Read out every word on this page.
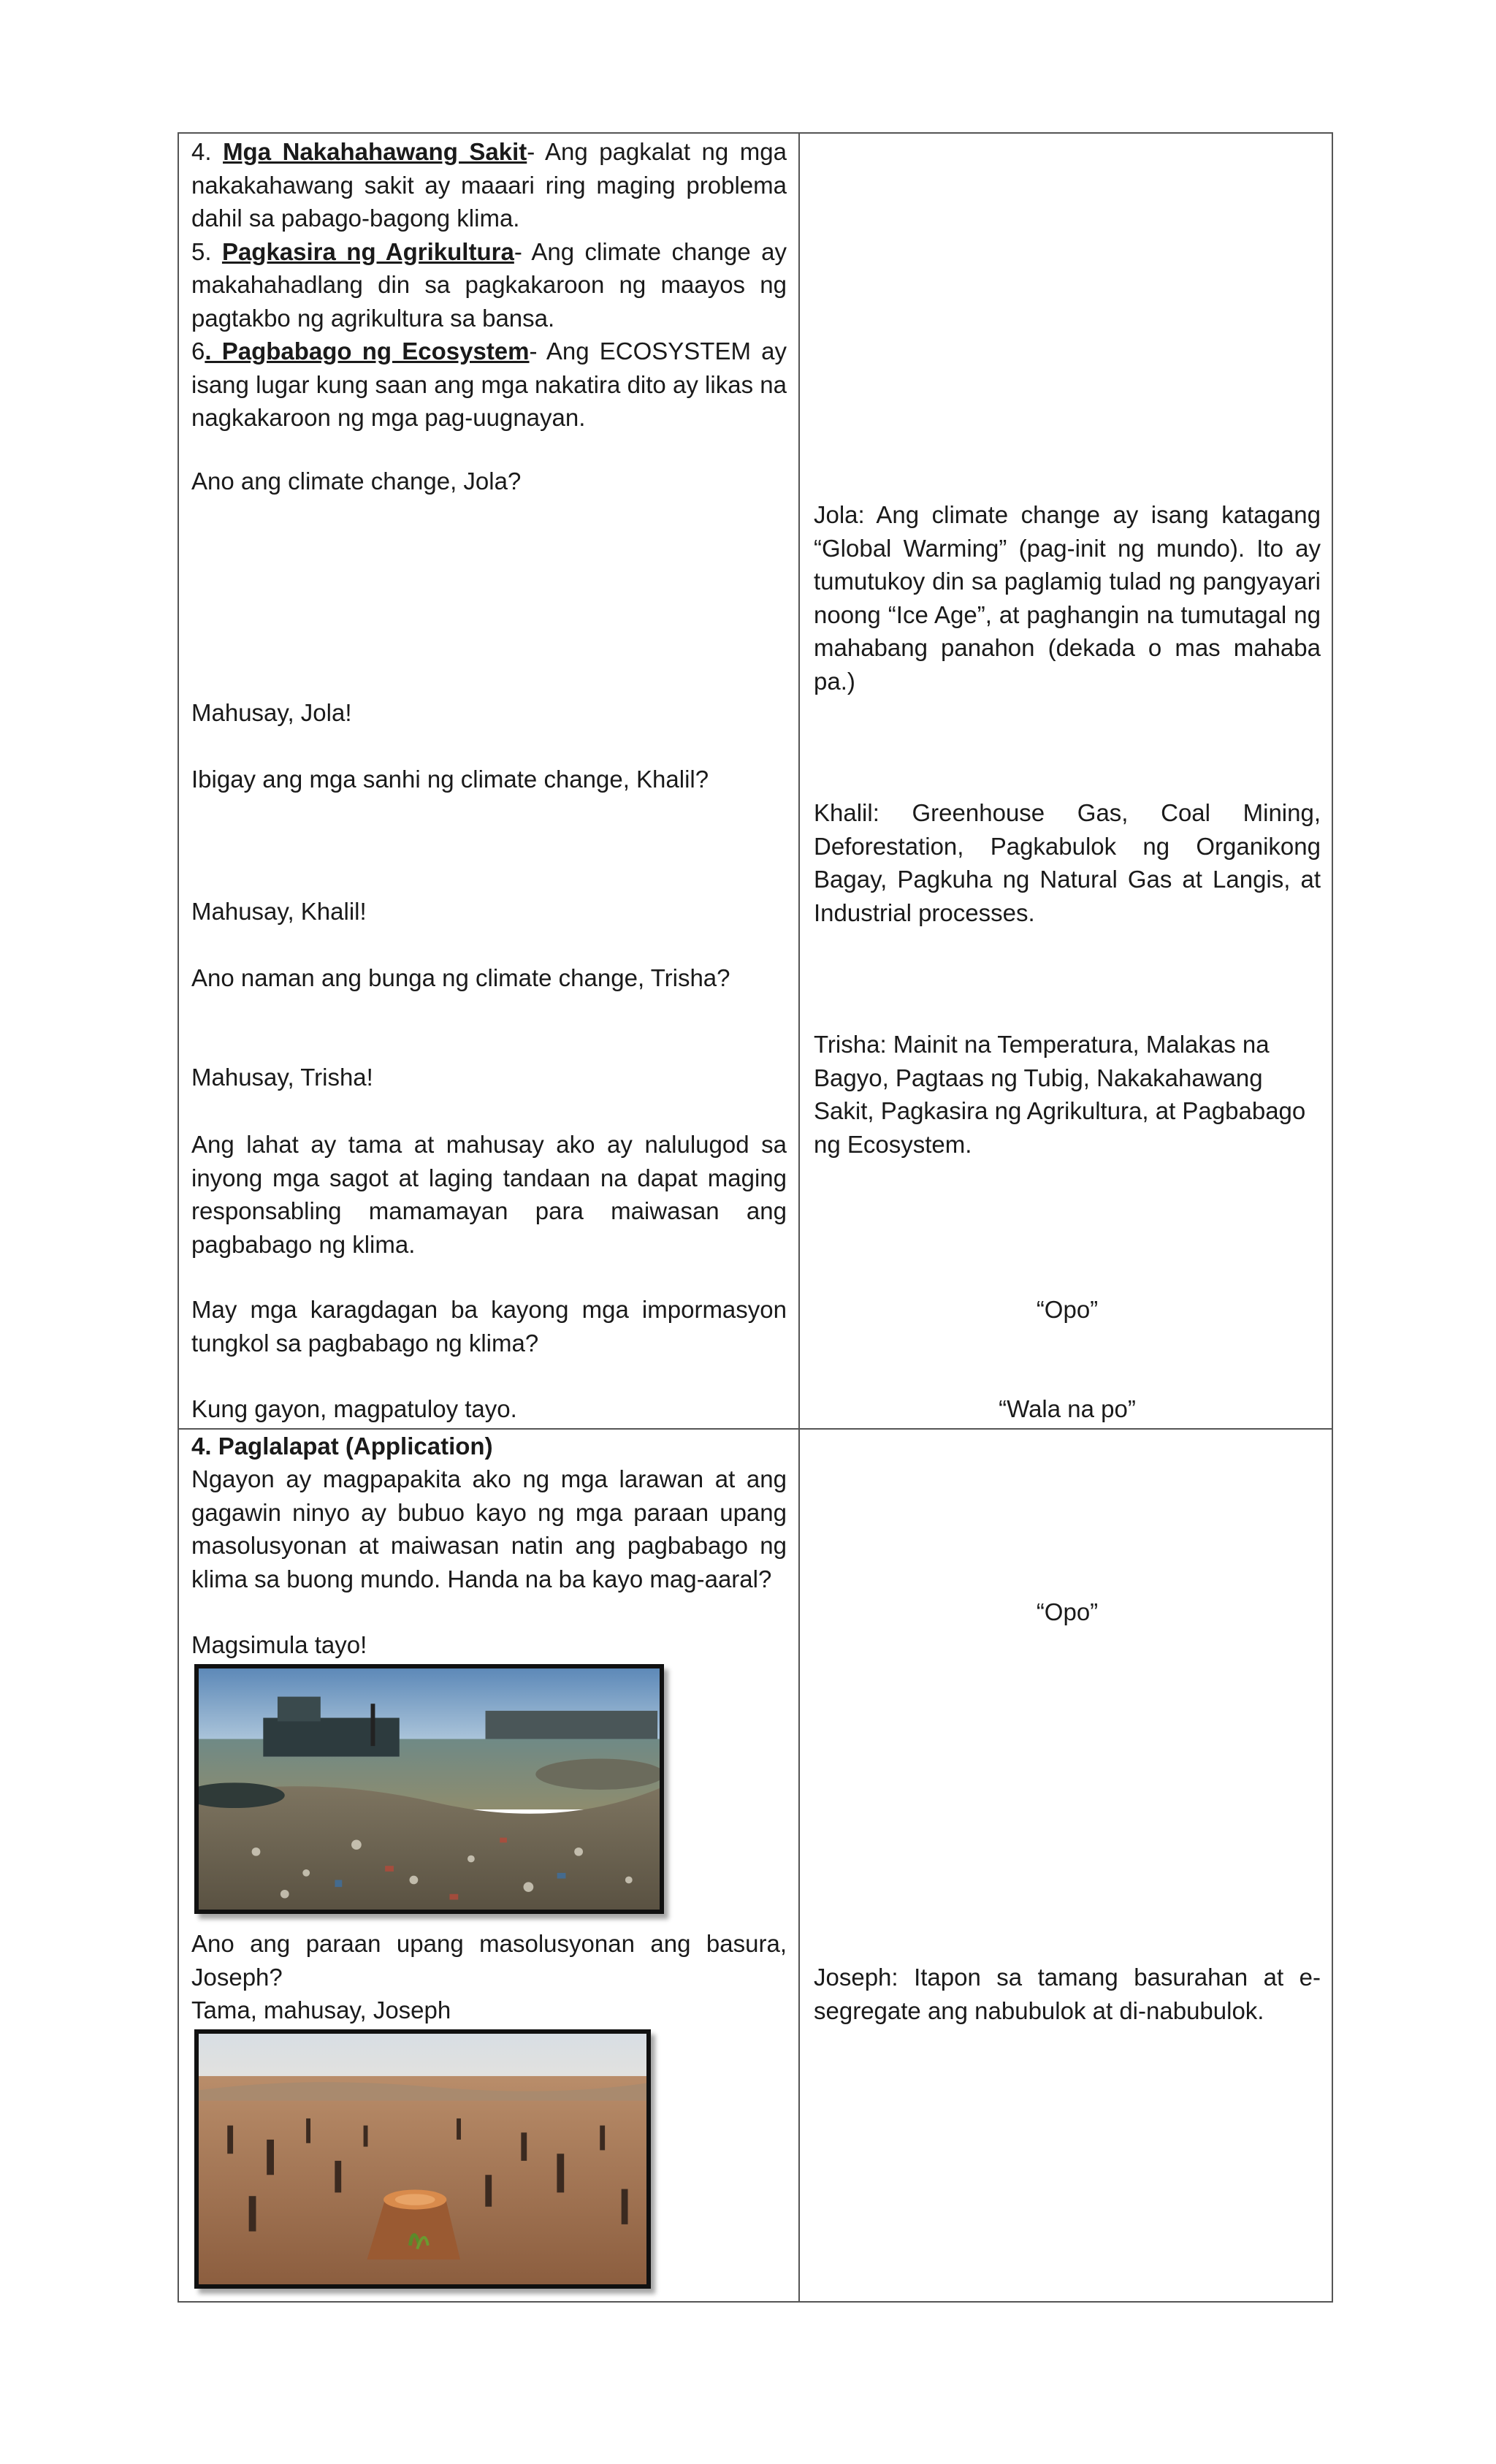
4. Mga Nakahahawang Sakit- Ang pagkalat ng mga nakakahawang sakit ay maaari ring maging problema dahil sa pabago-bagong klima.
5. Pagkasira ng Agrikultura- Ang climate change ay makahahadlang din sa pagkakaroon ng maayos ng pagtakbo ng agrikultura sa bansa.
6. Pagbabago ng Ecosystem- Ang ECOSYSTEM ay isang lugar kung saan ang mga nakatira dito ay likas na nagkakaroon ng mga pag-uugnayan.
Ano ang climate change, Jola?
Mahusay, Jola!
Ibigay ang mga sanhi ng climate change, Khalil?
Mahusay, Khalil!
Ano naman ang bunga ng climate change, Trisha?
Mahusay, Trisha!
Ang lahat ay tama at mahusay ako ay nalulugod sa inyong mga sagot at laging tandaan na dapat maging responsabling mamamayan para maiwasan ang pagbabago ng klima.
May mga karagdagan ba kayong mga impormasyon tungkol sa pagbabago ng klima?
Kung gayon, magpatuloy tayo.
Jola: Ang climate change ay isang katagang “Global Warming” (pag-init ng mundo). Ito ay tumutukoy din sa paglamig tulad ng pangyayari noong “Ice Age”, at paghangin na tumutagal ng mahabang panahon (dekada o mas mahaba pa.)
Khalil: Greenhouse Gas, Coal Mining, Deforestation, Pagkabulok ng Organikong Bagay, Pagkuha ng Natural Gas at Langis, at Industrial processes.
Trisha: Mainit na Temperatura, Malakas na Bagyo, Pagtaas ng Tubig, Nakakahawang Sakit, Pagkasira ng Agrikultura, at Pagbabago ng Ecosystem.
“Opo”
“Wala na po”
4. Paglalapat (Application)
Ngayon ay magpapakita ako ng mga larawan at ang gagawin ninyo ay bubuo kayo ng mga paraan upang masolusyonan at maiwasan natin ang pagbabago ng klima sa buong mundo. Handa na ba kayo mag-aaral?
Magsimula tayo!
Ano ang paraan upang masolusyonan ang basura, Joseph?
Tama, mahusay, Joseph
“Opo”
Joseph: Itapon sa tamang basurahan at e-segregate ang nabubulok at di-nabubulok.
